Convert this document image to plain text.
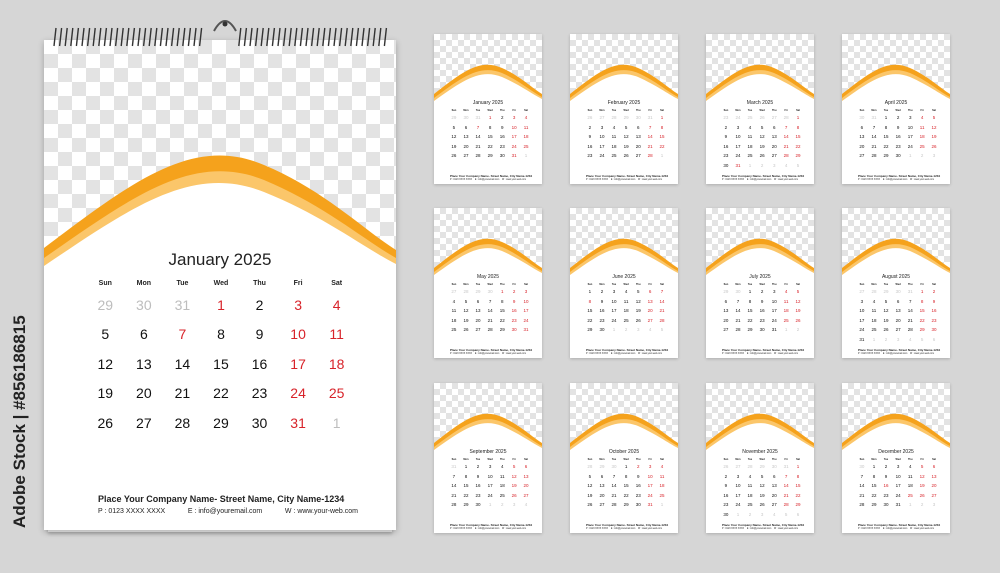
January 2025
Sun	Mon	Tue	Wed	Thu	Fri	Sat
29	30	31	1	2	3	4
5	6	7	8	9	10	11
12	13	14	15	16	17	18
19	20	21	22	23	24	25
26	27	28	29	30	31	1
Place Your Company Name- Street Name, City Name-1234
P : 0123 XXXX XXXX	E : info@youremail.com	W : www.your-web.com
January 2025
Sun	Mon	Tue	Wed	Thu	Fri	Sat
29	30	31	1	2	3	4
5	6	7	8	9	10	11
12	13	14	15	16	17	18
19	20	21	22	23	24	25
26	27	28	29	30	31	1
Place Your Company Name- Street Name, City Name-1234
P : 0123 XXXX XXXX E : info@youremail.com W : www.your-web.com
February 2025
Sun	Mon	Tue	Wed	Thu	Fri	Sat
26	27	28	29	30	31	1
2	3	4	5	6	7	8
9	10	11	12	13	14	15
16	17	18	19	20	21	22
23	24	25	26	27	28	1
Place Your Company Name- Street Name, City Name-1234
P : 0123 XXXX XXXX E : info@youremail.com W : www.your-web.com
March 2025
Sun	Mon	Tue	Wed	Thu	Fri	Sat
23	24	25	26	27	28	1
2	3	4	5	6	7	8
9	10	11	12	13	14	15
16	17	18	19	20	21	22
23	24	25	26	27	28	29
30	31	1	2	3	4	5
Place Your Company Name- Street Name, City Name-1234
P : 0123 XXXX XXXX E : info@youremail.com W : www.your-web.com
April 2025
Sun	Mon	Tue	Wed	Thu	Fri	Sat
30	31	1	2	3	4	5
6	7	8	9	10	11	12
13	14	15	16	17	18	19
20	21	22	23	24	25	26
27	28	29	30	1	2	3
Place Your Company Name- Street Name, City Name-1234
P : 0123 XXXX XXXX E : info@youremail.com W : www.your-web.com
May 2025
Sun	Mon	Tue	Wed	Thu	Fri	Sat
27	28	29	30	1	2	3
4	5	6	7	8	9	10
11	12	13	14	15	16	17
18	19	20	21	22	23	24
25	26	27	28	29	30	31
Place Your Company Name- Street Name, City Name-1234
P : 0123 XXXX XXXX E : info@youremail.com W : www.your-web.com
June 2025
Sun	Mon	Tue	Wed	Thu	Fri	Sat
1	2	3	4	5	6	7
8	9	10	11	12	13	14
15	16	17	18	19	20	21
22	23	24	25	26	27	28
29	30	1	2	3	4	5
Place Your Company Name- Street Name, City Name-1234
P : 0123 XXXX XXXX E : info@youremail.com W : www.your-web.com
July 2025
Sun	Mon	Tue	Wed	Thu	Fri	Sat
29	30	1	2	3	4	5
6	7	8	9	10	11	12
13	14	15	16	17	18	19
20	21	22	23	24	25	26
27	28	29	30	31	1	2
Place Your Company Name- Street Name, City Name-1234
P : 0123 XXXX XXXX E : info@youremail.com W : www.your-web.com
August 2025
Sun	Mon	Tue	Wed	Thu	Fri	Sat
27	28	29	30	31	1	2
3	4	5	6	7	8	9
10	11	12	13	14	15	16
17	18	19	20	21	22	23
24	25	26	27	28	29	30
31	1	2	3	4	5	6
Place Your Company Name- Street Name, City Name-1234
P : 0123 XXXX XXXX E : info@youremail.com W : www.your-web.com
September 2025
Sun	Mon	Tue	Wed	Thu	Fri	Sat
31	1	2	3	4	5	6
7	8	9	10	11	12	13
14	15	16	17	18	19	20
21	22	23	24	25	26	27
28	29	30	1	2	3	4
Place Your Company Name- Street Name, City Name-1234
P : 0123 XXXX XXXX E : info@youremail.com W : www.your-web.com
October 2025
Sun	Mon	Tue	Wed	Thu	Fri	Sat
28	29	30	1	2	3	4
5	6	7	8	9	10	11
12	13	14	15	16	17	18
19	20	21	22	23	24	25
26	27	28	29	30	31	1
Place Your Company Name- Street Name, City Name-1234
P : 0123 XXXX XXXX E : info@youremail.com W : www.your-web.com
November 2025
Sun	Mon	Tue	Wed	Thu	Fri	Sat
26	27	28	29	30	31	1
2	3	4	5	6	7	8
9	10	11	12	13	14	15
16	17	18	19	20	21	22
23	24	25	26	27	28	29
30	1	2	3	4	5	6
Place Your Company Name- Street Name, City Name-1234
P : 0123 XXXX XXXX E : info@youremail.com W : www.your-web.com
December 2025
Sun	Mon	Tue	Wed	Thu	Fri	Sat
30	1	2	3	4	5	6
7	8	9	10	11	12	13
14	15	16	17	18	19	20
21	22	23	24	25	26	27
28	29	30	31	1	2	3
Place Your Company Name- Street Name, City Name-1234
P : 0123 XXXX XXXX E : info@youremail.com W : www.your-web.com
Adobe Stock | #856186815
